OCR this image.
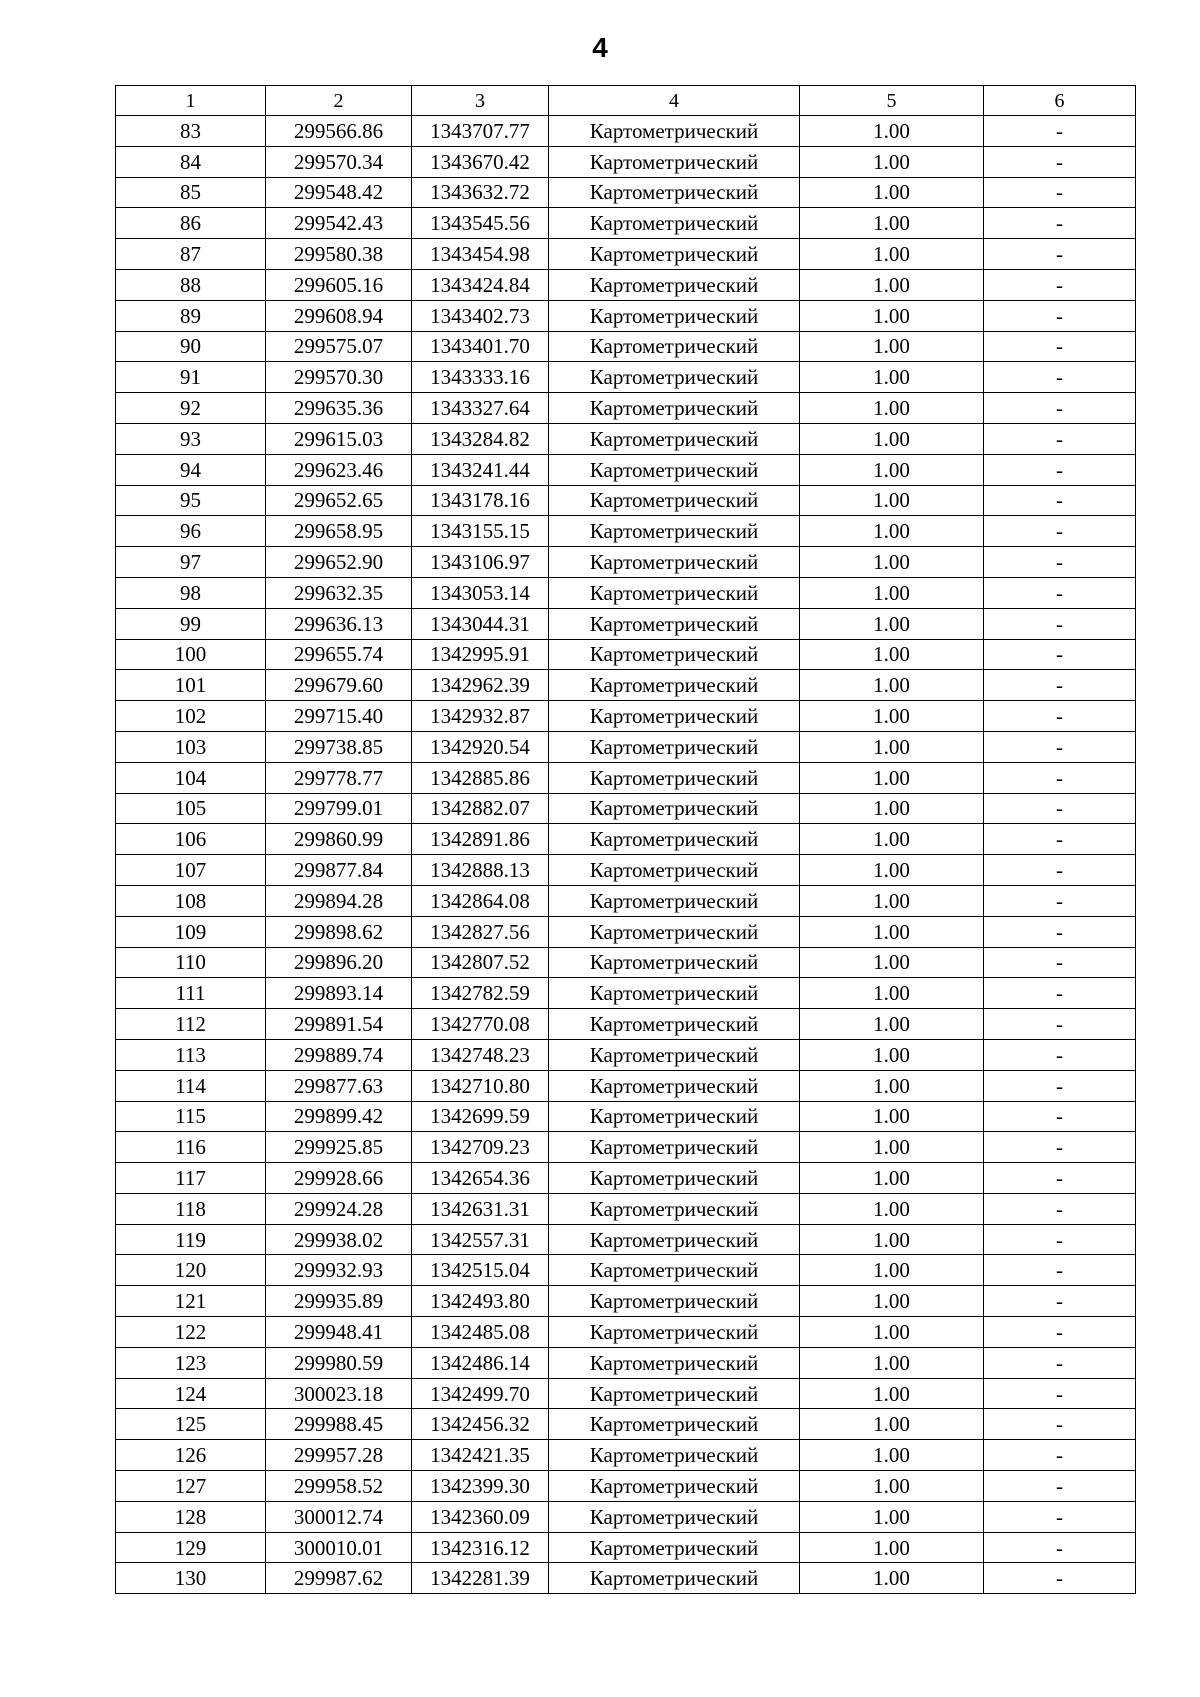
4
1	2	3	4	5	6
83	299566.86	1343707.77	Картометрический	1.00	-
84	299570.34	1343670.42	Картометрический	1.00	-
85	299548.42	1343632.72	Картометрический	1.00	-
86	299542.43	1343545.56	Картометрический	1.00	-
87	299580.38	1343454.98	Картометрический	1.00	-
88	299605.16	1343424.84	Картометрический	1.00	-
89	299608.94	1343402.73	Картометрический	1.00	-
90	299575.07	1343401.70	Картометрический	1.00	-
91	299570.30	1343333.16	Картометрический	1.00	-
92	299635.36	1343327.64	Картометрический	1.00	-
93	299615.03	1343284.82	Картометрический	1.00	-
94	299623.46	1343241.44	Картометрический	1.00	-
95	299652.65	1343178.16	Картометрический	1.00	-
96	299658.95	1343155.15	Картометрический	1.00	-
97	299652.90	1343106.97	Картометрический	1.00	-
98	299632.35	1343053.14	Картометрический	1.00	-
99	299636.13	1343044.31	Картометрический	1.00	-
100	299655.74	1342995.91	Картометрический	1.00	-
101	299679.60	1342962.39	Картометрический	1.00	-
102	299715.40	1342932.87	Картометрический	1.00	-
103	299738.85	1342920.54	Картометрический	1.00	-
104	299778.77	1342885.86	Картометрический	1.00	-
105	299799.01	1342882.07	Картометрический	1.00	-
106	299860.99	1342891.86	Картометрический	1.00	-
107	299877.84	1342888.13	Картометрический	1.00	-
108	299894.28	1342864.08	Картометрический	1.00	-
109	299898.62	1342827.56	Картометрический	1.00	-
110	299896.20	1342807.52	Картометрический	1.00	-
111	299893.14	1342782.59	Картометрический	1.00	-
112	299891.54	1342770.08	Картометрический	1.00	-
113	299889.74	1342748.23	Картометрический	1.00	-
114	299877.63	1342710.80	Картометрический	1.00	-
115	299899.42	1342699.59	Картометрический	1.00	-
116	299925.85	1342709.23	Картометрический	1.00	-
117	299928.66	1342654.36	Картометрический	1.00	-
118	299924.28	1342631.31	Картометрический	1.00	-
119	299938.02	1342557.31	Картометрический	1.00	-
120	299932.93	1342515.04	Картометрический	1.00	-
121	299935.89	1342493.80	Картометрический	1.00	-
122	299948.41	1342485.08	Картометрический	1.00	-
123	299980.59	1342486.14	Картометрический	1.00	-
124	300023.18	1342499.70	Картометрический	1.00	-
125	299988.45	1342456.32	Картометрический	1.00	-
126	299957.28	1342421.35	Картометрический	1.00	-
127	299958.52	1342399.30	Картометрический	1.00	-
128	300012.74	1342360.09	Картометрический	1.00	-
129	300010.01	1342316.12	Картометрический	1.00	-
130	299987.62	1342281.39	Картометрический	1.00	-
